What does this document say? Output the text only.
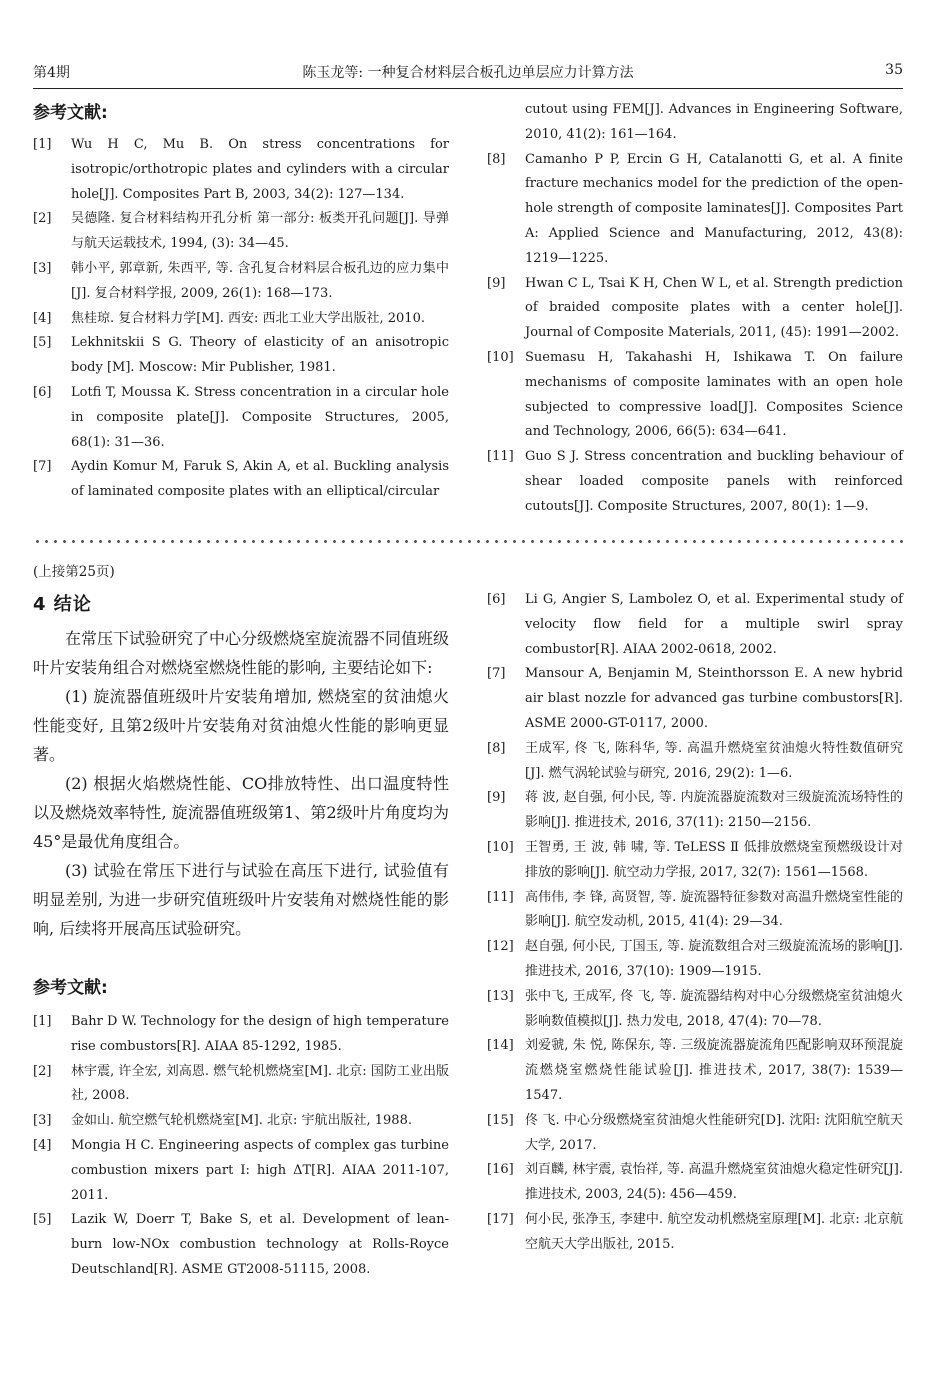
陈玉龙等: 一种复合材料层合板孔边单层应力计算方法
第4期	35
参考文献:
[1] Wu H C, Mu B. On stress concentrations for isotropic/orthotropic plates and cylinders with a circular hole[J]. Composites Part B, 2003, 34(2): 127—134.
[2] 吴德隆. 复合材料结构开孔分析 第一部分: 板类开孔问题[J]. 导弹与航天运载技术, 1994, (3): 34—45.
[3] 韩小平, 郭章新, 朱西平, 等. 含孔复合材料层合板孔边的应力集中[J]. 复合材料学报, 2009, 26(1): 168—173.
[4] 焦桂琼. 复合材料力学[M]. 西安: 西北工业大学出版社, 2010.
[5] Lekhnitskii S G. Theory of elasticity of an anisotropic body [M]. Moscow: Mir Publisher, 1981.
[6] Lotfi T, Moussa K. Stress concentration in a circular hole in composite plate[J]. Composite Structures, 2005, 68(1): 31—36.
[7] Aydin Komur M, Faruk S, Akin A, et al. Buckling analysis of laminated composite plates with an elliptical/circular
cutout using FEM[J]. Advances in Engineering Software, 2010, 41(2): 161—164.
[8] Camanho P P, Ercin G H, Catalanotti G, et al. A finite fracture mechanics model for the prediction of the open-hole strength of composite laminates[J]. Composites Part A: Applied Science and Manufacturing, 2012, 43(8): 1219—1225.
[9] Hwan C L, Tsai K H, Chen W L, et al. Strength prediction of braided composite plates with a center hole[J]. Journal of Composite Materials, 2011, (45): 1991—2002.
[10] Suemasu H, Takahashi H, Ishikawa T. On failure mechanisms of composite laminates with an open hole subjected to compressive load[J]. Composites Science and Technology, 2006, 66(5): 634—641.
[11] Guo S J. Stress concentration and buckling behaviour of shear loaded composite panels with reinforced cutouts[J]. Composite Structures, 2007, 80(1): 1—9.
(上接第25页)
4 结论

在常压下试验研究了中心分级燃烧室旋流器不同值班级叶片安装角组合对燃烧室燃烧性能的影响, 主要结论如下:

(1) 旋流器值班级叶片安装角增加, 燃烧室的贫油熄火性能变好, 且第2级叶片安装角对贫油熄火性能的影响更显著。

(2) 根据火焰燃烧性能、CO排放特性、出口温度特性以及燃烧效率特性, 旋流器值班级第1、第2级叶片角度均为45°是最优角度组合。

(3) 试验在常压下进行与试验在高压下进行, 试验值有明显差别, 为进一步研究值班级叶片安装角对燃烧性能的影响, 后续将开展高压试验研究。

参考文献:
[1] Bahr D W. Technology for the design of high temperature rise combustors[R]. AIAA 85-1292, 1985.
[2] 林宇震, 许全宏, 刘高恩. 燃气轮机燃烧室[M]. 北京: 国防工业出版社, 2008.
[3] 金如山. 航空燃气轮机燃烧室[M]. 北京: 宇航出版社, 1988.
[4] Mongia H C. Engineering aspects of complex gas turbine combustion mixers part I: high ΔT[R]. AIAA 2011-107, 2011.
[5] Lazik W, Doerr T, Bake S, et al. Development of lean-burn low-NOx combustion technology at Rolls-Royce Deutschland[R]. ASME GT2008-51115, 2008.
[6] Li G, Angier S, Lambolez O, et al. Experimental study of velocity flow field for a multiple swirl spray combustor[R]. AIAA 2002-0618, 2002.
[7] Mansour A, Benjamin M, Steinthorsson E. A new hybrid air blast nozzle for advanced gas turbine combustors[R]. ASME 2000-GT-0117, 2000.
[8] 王成军, 佟 飞, 陈科华, 等. 高温升燃烧室贫油熄火特性数值研究[J]. 燃气涡轮试验与研究, 2016, 29(2): 1—6.
[9] 蒋 波, 赵自强, 何小民, 等. 内旋流器旋流数对三级旋流流场特性的影响[J]. 推进技术, 2016, 37(11): 2150—2156.
[10] 王智勇, 王 波, 韩 啸, 等. TeLESS Ⅱ 低排放燃烧室预燃级设计对排放的影响[J]. 航空动力学报, 2017, 32(7): 1561—1568.
[11] 高伟伟, 李 锋, 高贤智, 等. 旋流器特征参数对高温升燃烧室性能的影响[J]. 航空发动机, 2015, 41(4): 29—34.
[12] 赵自强, 何小民, 丁国玉, 等. 旋流数组合对三级旋流流场的影响[J]. 推进技术, 2016, 37(10): 1909—1915.
[13] 张中飞, 王成军, 佟 飞, 等. 旋流器结构对中心分级燃烧室贫油熄火影响数值模拟[J]. 热力发电, 2018, 47(4): 70—78.
[14] 刘爱虢, 朱 悦, 陈保东, 等. 三级旋流器旋流角匹配影响双环预混旋流燃烧室燃烧性能试验[J]. 推进技术, 2017, 38(7): 1539—1547.
[15] 佟 飞. 中心分级燃烧室贫油熄火性能研究[D]. 沈阳: 沈阳航空航天大学, 2017.
[16] 刘百麟, 林宇震, 袁怡祥, 等. 高温升燃烧室贫油熄火稳定性研究[J]. 推进技术, 2003, 24(5): 456—459.
[17] 何小民, 张净玉, 李建中. 航空发动机燃烧室原理[M]. 北京: 北京航空航天大学出版社, 2015.
